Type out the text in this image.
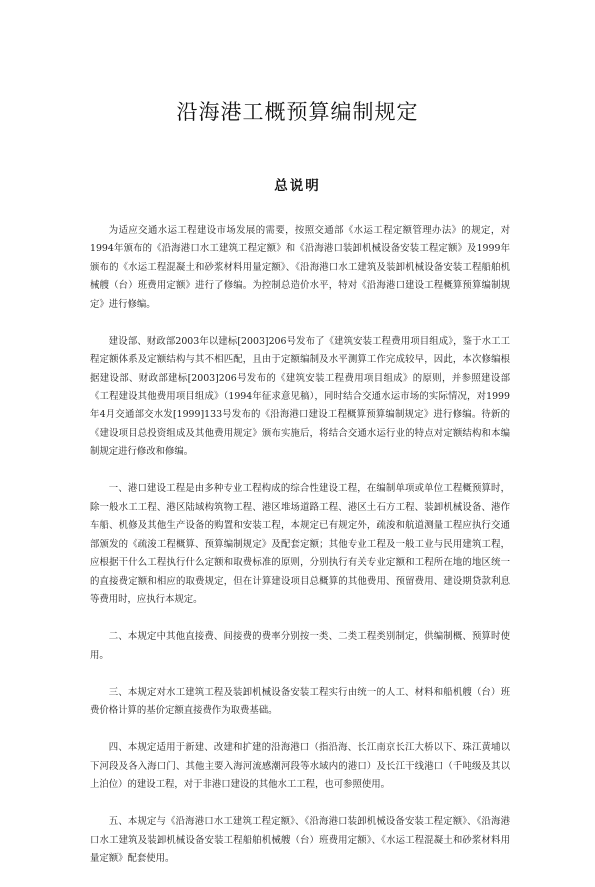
沿海港工概预算编制规定
总说明

为适应交通水运工程建设市场发展的需要，按照交通部《水运工程定额管理办法》的规定，对1994年颁布的《沿海港口水工建筑工程定额》和《沿海港口装卸机械设备安装工程定额》及1999年颁布的《水运工程混凝土和砂浆材料用量定额》、《沿海港口水工建筑及装卸机械设备安装工程船舶机械艘（台）班费用定额》进行了修编。为控制总造价水平，特对《沿海港口建设工程概算预算编制规定》进行修编。

建设部、财政部2003年以建标[2003]206号发布了《建筑安装工程费用项目组成》，鉴于水工工程定额体系及定额结构与其不相匹配，且由于定额编制及水平测算工作完成较早，因此，本次修编根据建设部、财政部建标[2003]206号发布的《建筑安装工程费用项目组成》的原则，并参照建设部《工程建设其他费用项目组成》（1994年征求意见稿），同时结合交通水运市场的实际情况，对1999年4月交通部交水发[1999]133号发布的《沿海港口建设工程概算预算编制规定》进行修编。待新的《建设项目总投资组成及其他费用规定》颁布实施后，将结合交通水运行业的特点对定额结构和本编制规定进行修改和修编。

一、港口建设工程是由多种专业工程构成的综合性建设工程，在编制单项或单位工程概预算时，除一般水工工程、港区陆域构筑物工程、港区堆场道路工程、港区土石方工程、装卸机械设备、港作车船、机修及其他生产设备的购置和安装工程，本规定已有规定外，疏浚和航道测量工程应执行交通部颁发的《疏浚工程概算、预算编制规定》及配套定额；其他专业工程及一般工业与民用建筑工程，应根据干什么工程执行什么定额和取费标准的原则，分别执行有关专业定额和工程所在地的地区统一的直接费定额和相应的取费规定，但在计算建设项目总概算的其他费用、预留费用、建设期贷款利息等费用时，应执行本规定。

二、本规定中其他直接费、间接费的费率分别按一类、二类工程类别制定，供编制概、预算时使用。

三、本规定对水工建筑工程及装卸机械设备安装工程实行由统一的人工、材料和船机艘（台）班费价格计算的基价定额直接费作为取费基础。

四、本规定适用于新建、改建和扩建的沿海港口（指沿海、长江南京长江大桥以下、珠江黄埔以下河段及各入海口门、其他主要入海河流感潮河段等水域内的港口）及长江干线港口（千吨级及其以上泊位）的建设工程，对于非港口建设的其他水工工程，也可参照使用。

五、本规定与《沿海港口水工建筑工程定额》、《沿海港口装卸机械设备安装工程定额》、《沿海港口水工建筑及装卸机械设备安装工程船舶机械艘（台）班费用定额》、《水运工程混凝土和砂浆材料用量定额》配套使用。
